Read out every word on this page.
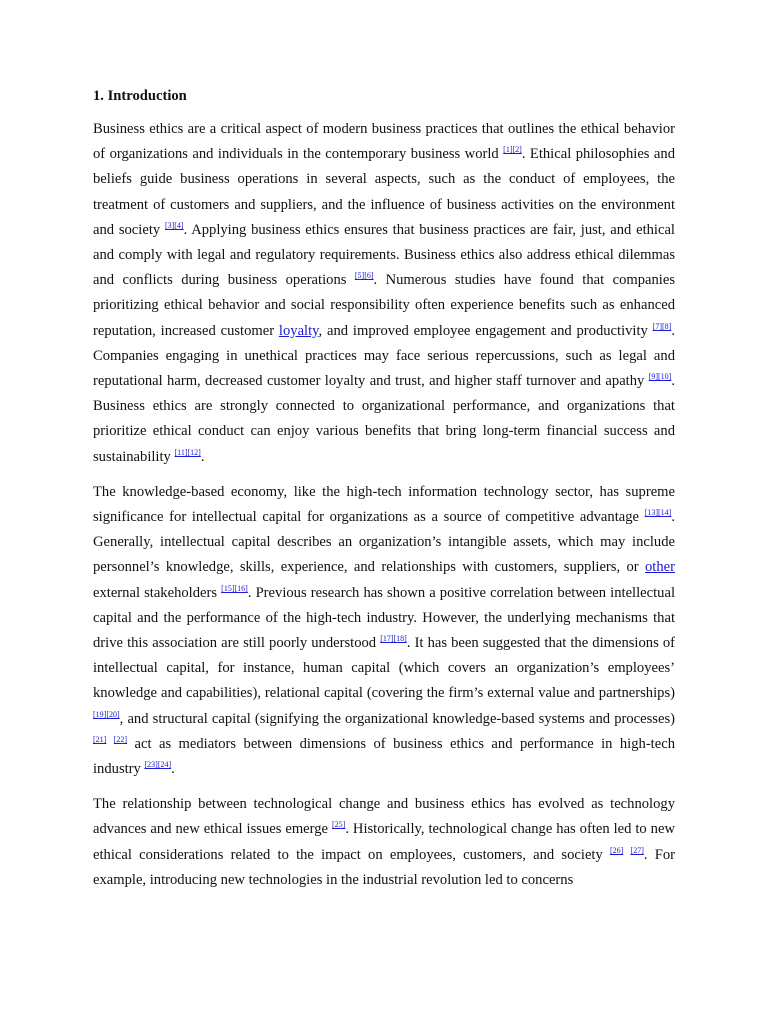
1. Introduction

Business ethics are a critical aspect of modern business practices that outlines the ethical behavior of organizations and individuals in the contemporary business world [1][2]. Ethical philosophies and beliefs guide business operations in several aspects, such as the conduct of employees, the treatment of customers and suppliers, and the influence of business activities on the environment and society [3][4]. Applying business ethics ensures that business practices are fair, just, and ethical and comply with legal and regulatory requirements. Business ethics also address ethical dilemmas and conflicts during business operations [5][6]. Numerous studies have found that companies prioritizing ethical behavior and social responsibility often experience benefits such as enhanced reputation, increased customer loyalty, and improved employee engagement and productivity [7][8]. Companies engaging in unethical practices may face serious repercussions, such as legal and reputational harm, decreased customer loyalty and trust, and higher staff turnover and apathy [9][10]. Business ethics are strongly connected to organizational performance, and organizations that prioritize ethical conduct can enjoy various benefits that bring long-term financial success and sustainability [11][12].

The knowledge-based economy, like the high-tech information technology sector, has supreme significance for intellectual capital for organizations as a source of competitive advantage [13][14]. Generally, intellectual capital describes an organization’s intangible assets, which may include personnel’s knowledge, skills, experience, and relationships with customers, suppliers, or other external stakeholders [15][16]. Previous research has shown a positive correlation between intellectual capital and the performance of the high-tech industry. However, the underlying mechanisms that drive this association are still poorly understood [17][18]. It has been suggested that the dimensions of intellectual capital, for instance, human capital (which covers an organization’s employees’ knowledge and capabilities), relational capital (covering the firm’s external value and partnerships) [19][20], and structural capital (signifying the organizational knowledge-based systems and processes) [21] [22] act as mediators between dimensions of business ethics and performance in high-tech industry [23][24].

The relationship between technological change and business ethics has evolved as technology advances and new ethical issues emerge [25]. Historically, technological change has often led to new ethical considerations related to the impact on employees, customers, and society [26] [27]. For example, introducing new technologies in the industrial revolution led to concerns
